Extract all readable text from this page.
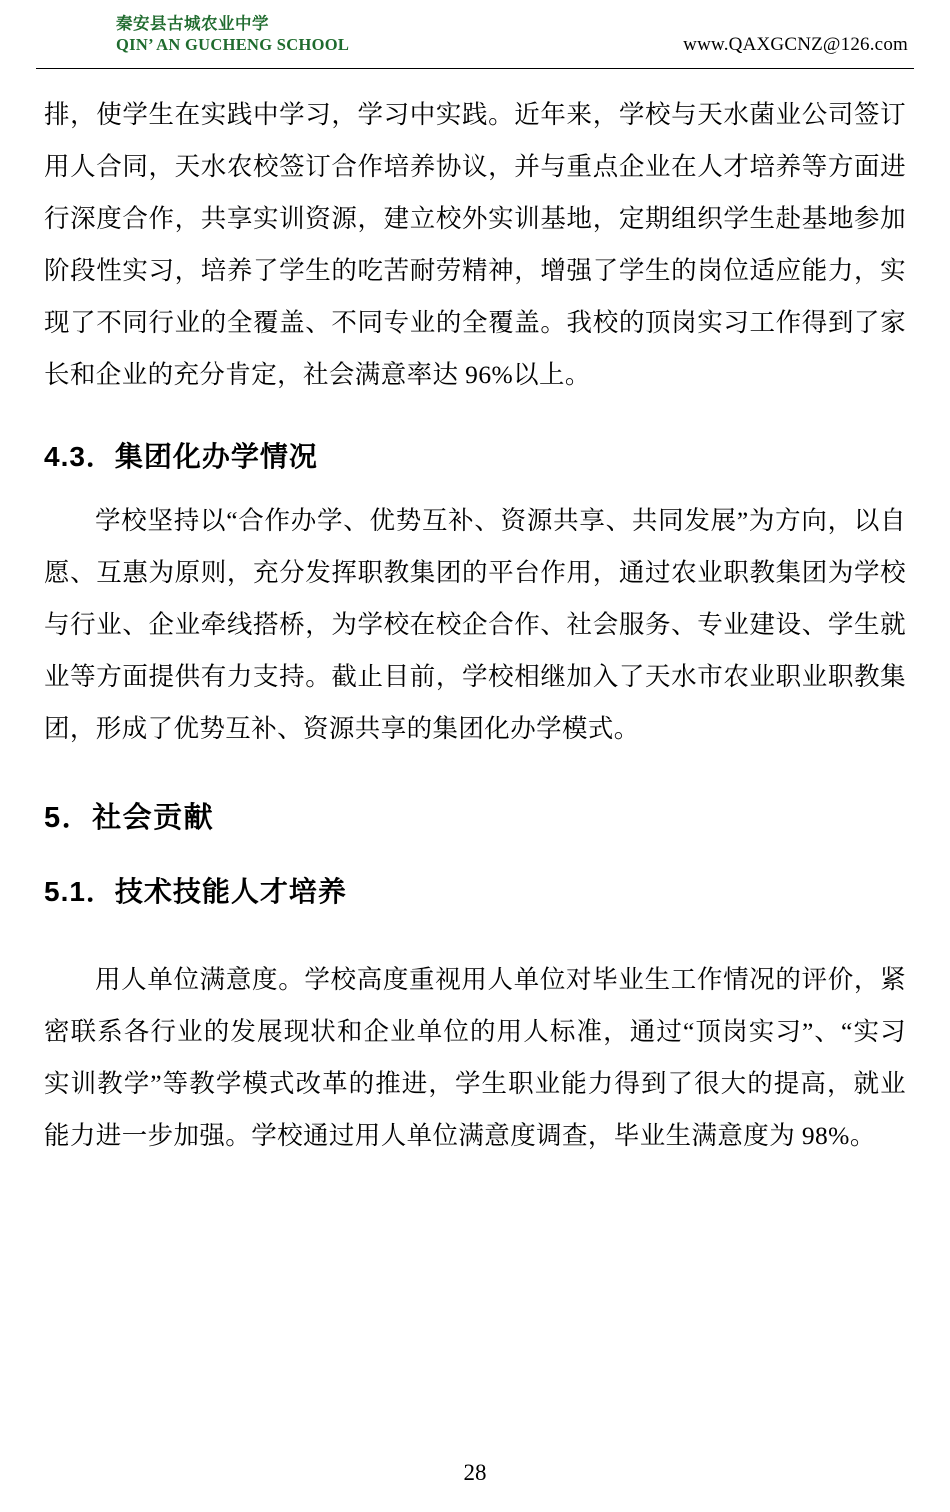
秦安县古城农业中学
QIN’ AN GUCHENG SCHOOL	www.QAXGCNZ@126.com

排，使学生在实践中学习，学习中实践。近年来，学校与天水菌业公司签订用人合同，天水农校签订合作培养协议，并与重点企业在人才培养等方面进行深度合作，共享实训资源，建立校外实训基地，定期组织学生赴基地参加阶段性实习，培养了学生的吃苦耐劳精神，增强了学生的岗位适应能力，实现了不同行业的全覆盖、不同专业的全覆盖。我校的顶岗实习工作得到了家长和企业的充分肯定，社会满意率达 96%以上。

4.3．集团化办学情况

学校坚持以“合作办学、优势互补、资源共享、共同发展”为方向，以自愿、互惠为原则，充分发挥职教集团的平台作用，通过农业职教集团为学校与行业、企业牵线搭桥，为学校在校企合作、社会服务、专业建设、学生就业等方面提供有力支持。截止目前，学校相继加入了天水市农业职业职教集团，形成了优势互补、资源共享的集团化办学模式。

5．社会贡献
5.1．技术技能人才培养

用人单位满意度。学校高度重视用人单位对毕业生工作情况的评价，紧密联系各行业的发展现状和企业单位的用人标准，通过“顶岗实习”、“实习实训教学”等教学模式改革的推进，学生职业能力得到了很大的提高，就业能力进一步加强。学校通过用人单位满意度调查，毕业生满意度为 98%。

28
